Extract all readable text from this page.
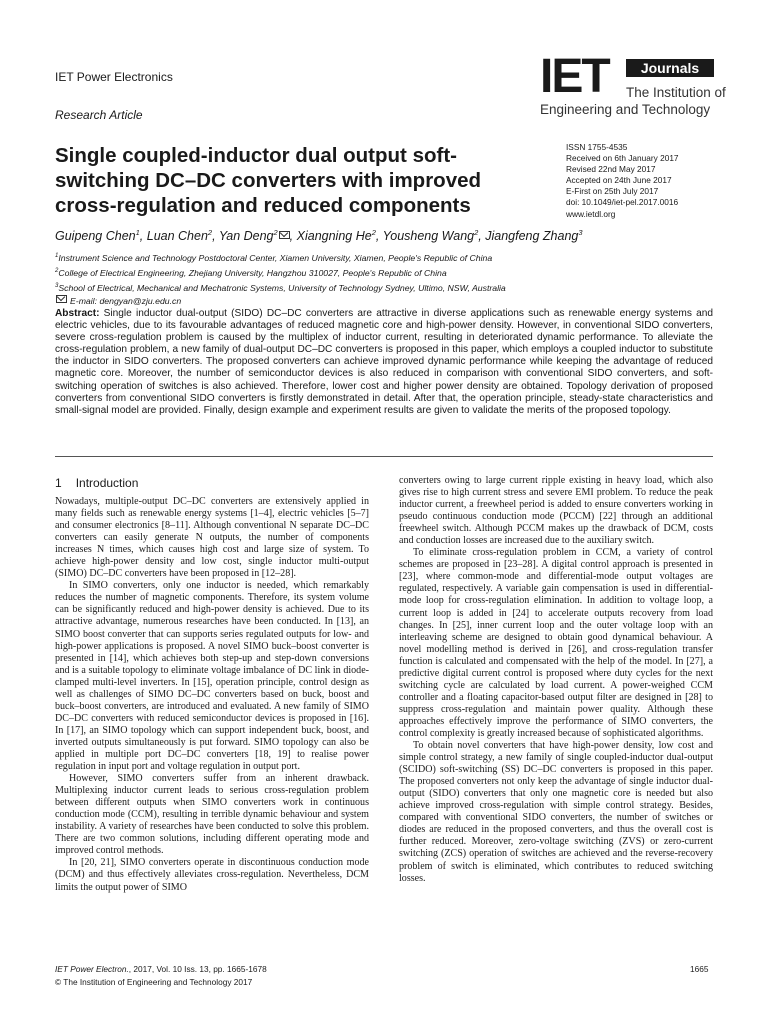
IET Power Electronics
Research Article
IET	Journals
The Institution of
Engineering and Technology
Single coupled-inductor dual output soft-switching DC–DC converters with improved cross-regulation and reduced components
ISSN 1755-4535
Received on 6th January 2017
Revised 22nd May 2017
Accepted on 24th June 2017
E-First on 25th July 2017
doi: 10.1049/iet-pel.2017.0016
www.ietdl.org
Guipeng Chen$^1$, Luan Chen$^2$, Yan Deng$^2$ , Xiangning He$^2$, Yousheng Wang$^2$, Jiangfeng Zhang$^3$
$^1$Instrument Science and Technology Postdoctoral Center, Xiamen University, Xiamen, People's Republic of China
$^2$College of Electrical Engineering, Zhejiang University, Hangzhou 310027, People's Republic of China
$^3$School of Electrical, Mechanical and Mechatronic Systems, University of Technology Sydney, Ultimo, NSW, Australia
E-mail: dengyan@zju.edu.cn

Abstract: Single inductor dual-output (SIDO) DC–DC converters are attractive in diverse applications such as renewable energy systems and electric vehicles, due to its favourable advantages of reduced magnetic core and high-power density. However, in conventional SIDO converters, severe cross-regulation problem is caused by the multiplex of inductor current, resulting in deteriorated dynamic performance. To alleviate the cross-regulation problem, a new family of dual-output DC–DC converters is proposed in this paper, which employs a coupled inductor to substitute the inductor in SIDO converters. The proposed converters can achieve improved dynamic performance while keeping the advantage of reduced magnetic core. Moreover, the number of semiconductor devices is also reduced in comparison with conventional SIDO converters, and soft-switching operation of switches is also achieved. Therefore, lower cost and higher power density are obtained. Topology derivation of proposed converters from conventional SIDO converters is firstly demonstrated in detail. After that, the operation principle, steady-state characteristics and small-signal model are provided. Finally, design example and experiment results are given to validate the merits of the proposed topology.

1 Introduction

Nowadays, multiple-output DC–DC converters are extensively applied in many fields such as renewable energy systems [1–4], electric vehicles [5–7] and consumer electronics [8–11]. Although conventional N separate DC–DC converters can easily generate N outputs, the number of components increases N times, which causes high cost and large size of system. To achieve high-power density and low cost, single inductor multi-output (SIMO) DC–DC converters have been proposed in [12–28].

In SIMO converters, only one inductor is needed, which remarkably reduces the number of magnetic components. Therefore, its system volume can be significantly reduced and high-power density is achieved. Due to its attractive advantage, numerous researches have been conducted. In [13], an SIMO boost converter that can supports series regulated outputs for low- and high-power applications is proposed. A novel SIMO buck–boost converter is presented in [14], which achieves both step-up and step-down conversions and is a suitable topology to eliminate voltage imbalance of DC link in diode-clamped multi-level inverters. In [15], operation principle, control design as well as challenges of SIMO DC–DC converters based on buck, boost and buck–boost converters, are introduced and evaluated. A new family of SIMO DC–DC converters with reduced semiconductor devices is proposed in [16]. In [17], an SIMO topology which can support independent buck, boost, and inverted outputs simultaneously is put forward. SIMO topology can also be applied in multiple port DC–DC converters [18, 19] to realise power regulation in input port and voltage regulation in output port.

However, SIMO converters suffer from an inherent drawback. Multiplexing inductor current leads to serious cross-regulation problem between different outputs when SIMO converters work in continuous conduction mode (CCM), resulting in terrible dynamic behaviour and system instability. A variety of researches have been conducted to solve this problem. There are two common solutions, including different operating mode and improved control methods.

In [20, 21], SIMO converters operate in discontinuous conduction mode (DCM) and thus effectively alleviates cross-regulation. Nevertheless, DCM limits the output power of SIMO

converters owing to large current ripple existing in heavy load, which also gives rise to high current stress and severe EMI problem. To reduce the peak inductor current, a freewheel period is added to ensure converters working in pseudo continuous conduction mode (PCCM) [22] through an additional freewheel switch. Although PCCM makes up the drawback of DCM, costs and conduction losses are increased due to the auxiliary switch.

To eliminate cross-regulation problem in CCM, a variety of control schemes are proposed in [23–28]. A digital control approach is presented in [23], where common-mode and differential-mode output voltages are regulated, respectively. A variable gain compensation is used in differential-mode loop for cross-regulation elimination. In addition to voltage loop, a current loop is added in [24] to accelerate outputs recovery from load changes. In [25], inner current loop and the outer voltage loop with an interleaving scheme are designed to obtain good dynamical behaviour. A novel modelling method is derived in [26], and cross-regulation transfer function is calculated and compensated with the help of the model. In [27], a predictive digital current control is proposed where duty cycles for the next switching cycle are calculated by load current. A power-weighed CCM controller and a floating capacitor-based output filter are designed in [28] to suppress cross-regulation and maintain power quality. Although these approaches effectively improve the performance of SIMO converters, the control complexity is greatly increased because of sophisticated algorithms.

To obtain novel converters that have high-power density, low cost and simple control strategy, a new family of single coupled-inductor dual-output (SCIDO) soft-switching (SS) DC–DC converters is proposed in this paper. The proposed converters not only keep the advantage of single inductor dual-output (SIDO) converters that only one magnetic core is needed but also achieve improved cross-regulation with simple control strategy. Besides, compared with conventional SIDO converters, the number of switches or diodes are reduced in the proposed converters, and thus the overall cost is further reduced. Moreover, zero-voltage switching (ZVS) or zero-current switching (ZCS) operation of switches are achieved and the reverse-recovery problem of switch is eliminated, which contributes to reduced switching losses.

IET Power Electron., 2017, Vol. 10 Iss. 13, pp. 1665-1678
© The Institution of Engineering and Technology 2017
1665
